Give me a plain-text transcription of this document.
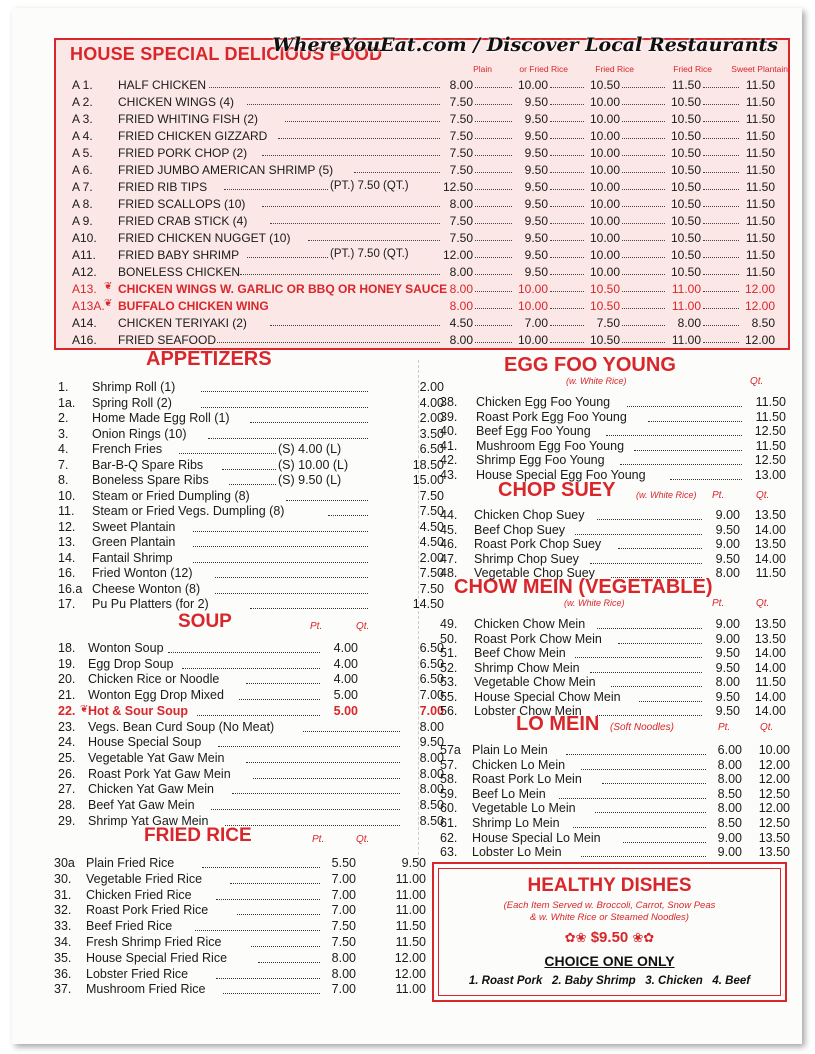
HOUSE SPECIAL DELICIOUS FOOD
Plain	or Fried Rice	Fried Rice	Fried Rice	Sweet Plantain
A 1. HALF CHICKEN	8.00	10.00	10.50	11.50	11.50
A 2. CHICKEN WINGS (4)	7.50	9.50	10.00	10.50	11.50
A 3. FRIED WHITING FISH (2)	7.50	9.50	10.00	10.50	11.50
A 4. FRIED CHICKEN GIZZARD	7.50	9.50	10.00	10.50	11.50
A 5. FRIED PORK CHOP (2)	7.50	9.50	10.00	10.50	11.50
A 6. FRIED JUMBO AMERICAN SHRIMP (5)	7.50	9.50	10.00	10.50	11.50
A 7. FRIED RIB TIPS	(PT.) 7.50 (QT.)	12.50	9.50	10.00	10.50	11.50
A 8. FRIED SCALLOPS (10)	8.00	9.50	10.00	10.50	11.50
A 9. FRIED CRAB STICK (4)	7.50	9.50	10.00	10.50	11.50
A10. FRIED CHICKEN NUGGET (10)	7.50	9.50	10.00	10.50	11.50
A11. FRIED BABY SHRIMP	(PT.) 7.50 (QT.)	12.00	9.50	10.00	10.50	11.50
A12. BONELESS CHICKEN	8.00	9.50	10.00	10.50	11.50
A13. ❦ CHICKEN WINGS W. GARLIC OR BBQ OR HONEY SAUCE 8.00	10.00	10.50	11.00	12.00
A13A. ❦ BUFFALO CHICKEN WING	8.00	10.00	10.50	11.00	12.00
A14. CHICKEN TERIYAKI (2)	4.50	7.00	7.50	8.00	8.50
A16. FRIED SEAFOOD	8.00	10.00	10.50	11.00	12.00
APPETIZERS
SOUP	Pt.	Qt.
FRIED RICE	Pt.	Qt.
EGG FOO YOUNG
(w. White Rice)	Qt.
CHOP SUEY (w. White Rice) Pt.	Qt.
CHOW MEIN (VEGETABLE)
(w. White Rice)	Pt.	Qt.
LO MEIN (Soft Noodles)	Pt.	Qt.
1. Shrimp Roll (1)	2.00
1a. Spring Roll (2)	4.00
2. Home Made Egg Roll (1)	2.00
3. Onion Rings (10)	3.50
4. French Fries	(S) 4.00 (L)	6.50
7. Bar-B-Q Spare Ribs	(S) 10.00 (L)	18.50
8. Boneless Spare Ribs	(S) 9.50 (L)	15.00
10. Steam or Fried Dumpling (8)	7.50
11. Steam or Fried Vegs. Dumpling (8)	7.50
12. Sweet Plantain	4.50
13. Green Plantain	4.50
14. Fantail Shrimp	2.00
16. Fried Wonton (12)	7.50
16.a Cheese Wonton (8)	7.50
17. Pu Pu Platters (for 2)	14.50
18. Wonton Soup	4.00	6.50
19. Egg Drop Soup	4.00	6.50
20. Chicken Rice or Noodle	4.00	6.50
21. Wonton Egg Drop Mixed	5.00	7.00
22. ❦ Hot & Sour Soup	5.00	7.00
23. Vegs. Bean Curd Soup (No Meat)	8.00
24. House Special Soup	9.50
25. Vegetable Yat Gaw Mein	8.00
26. Roast Pork Yat Gaw Mein	8.00
27. Chicken Yat Gaw Mein	8.00
28. Beef Yat Gaw Mein	8.50
29. Shrimp Yat Gaw Mein	8.50
30a Plain Fried Rice	5.50	9.50
30. Vegetable Fried Rice	7.00	11.00
31. Chicken Fried Rice	7.00	11.00
32. Roast Pork Fried Rice	7.00	11.00
33. Beef Fried Rice	7.50	11.50
34. Fresh Shrimp Fried Rice	7.50	11.50
35. House Special Fried Rice	8.00	12.00
36. Lobster Fried Rice	8.00	12.00
37. Mushroom Fried Rice	7.00	11.00
38. Chicken Egg Foo Young	11.50
39. Roast Pork Egg Foo Young	11.50
40. Beef Egg Foo Young	12.50
41. Mushroom Egg Foo Young	11.50
42. Shrimp Egg Foo Young	12.50
43. House Special Egg Foo Young	13.00
44. Chicken Chop Suey	9.00	13.50
45. Beef Chop Suey	9.50	14.00
46. Roast Pork Chop Suey	9.00	13.50
47. Shrimp Chop Suey	9.50	14.00
48. Vegetable Chop Suey	8.00	11.50
49. Chicken Chow Mein	9.00	13.50
50. Roast Pork Chow Mein	9.00	13.50
51. Beef Chow Mein	9.50	14.00
52. Shrimp Chow Mein	9.50	14.00
53. Vegetable Chow Mein	8.00	11.50
55. House Special Chow Mein	9.50	14.00
56. Lobster Chow Mein	9.50	14.00
57a Plain Lo Mein	6.00	10.00
57. Chicken Lo Mein	8.00	12.00
58. Roast Pork Lo Mein	8.00	12.00
59. Beef Lo Mein	8.50	12.50
60. Vegetable Lo Mein	8.00	12.00
61. Shrimp Lo Mein	8.50	12.50
62. House Special Lo Mein	9.00	13.50
63. Lobster Lo Mein	9.00	13.50
HEALTHY DISHES
(Each Item Served w. Broccoli, Carrot, Snow Peas
& w. White Rice or Steamed Noodles)
✿❀ $9.50 ❀✿
CHOICE ONE ONLY
1. Roast Pork   2. Baby Shrimp   3. Chicken   4. Beef
WhereYouEat.com / Discover Local Restaurants
